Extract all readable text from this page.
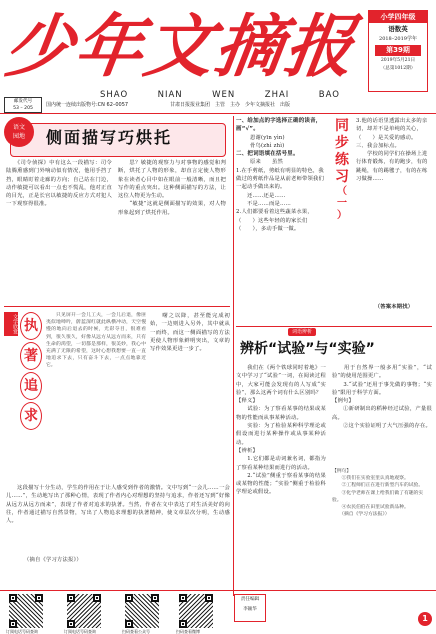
少年文摘报
SHAO	NIAN	WEN	ZHAI	BAO
小学四年级
语数英
2018–2019学年
第39期
2019年5月21日
（总第1012期）
邮发代号
53 – 205
国内统一连续出版物号:CN 62–0057	甘肃日报报业集团　主管　主办　少年文摘报社　出版
语文
园地	侧面描写巧烘托
　　《司令侦探》中有这么一段描写：司令陆腾熏感到门外响动似有情况，他用手挡了挡，眼睛盯着走廊的方向；自己站在门边，动作敏捷可以看出一点也不慌乱，他对正直的目光，正是长官以敏捷的反应方式对犯人一下观察得很准。
　　思？敏捷的观察力与对事物的感觉和判断，烘托了人物的形象，却直言定使人物形象在读者心目中如在眼前一般清晰，而且把写作的重点突出。这种侧面描写的方法，让这位人物更为生动。
　　“敏捷”这就是侧面描写的效果，对人物形象起到了烘托作用。
文学欣赏 执
著
追
求
　　只见屏开一会儿工夫，一会儿后退，像匪夷似地呻吟，蔚蓝深红就此纵横冲动，天空慢慢的地向后退去的时候，光彩夺目，很难看到，很久很久，好像从远方从远方而来，只有生命的渴望，一切都是那样，很美妙，我心中充满了无限的希望，这时心想我想要一直一直地追求下去，只有奋斗下去，一点点地靠近它。
　　曙之以降，甚至能完成初始，一边则进入另外，其中就从一而终，而这一侧面描写的方法更使人物形象鲜明突出，文章的写作效果更进一步了。
　　这段描写十分生动，学生的作用在于让人感受到作者的激情。文中写到“一会儿……一会儿……”，生动地写出了那种心情，表现了作者内心对理想的坚持与追求，作者还写到“好像从远方从远方而来”，表现了作者对追求的执著。当然，作者在文中表达了对生活美好的向往，作者通过描写自然景物，写出了人物追求理想的执著精神，使文章层次分明，生动感人。
（摘自《学习方法报》）
一、给加点的字选择正确的读音，画“√”。
恩谢(yīn yìn)
骨鸟(zhì zhì)
二、把词语填在括号里。
原来　　虽然
1.在手剪纸，剪纸有明显的特色，我做过的剪纸作品是从前老师带领我们一起动手做出来的。
　　还……还是……
　　不是……而是……
2.人们都要看着这些蔬菜水果，（　　）这些年轻的的家长们（　　），多动手做一做。
同
步
练
习
（
一
）
3.他的话语里透露出太多的亲切，却并不是单纯的关心，（　　）是关爱的感动。
三、我会加标点。
　　学校的同学们在操场上进行体育锻炼，有的跑步，有的跳绳，有的踢毽子，有的在练习做操……
（答案本期找）
词语辨析
辨析“试验”与“实验”
　　我们在《两个铁球同时着地》一文中学习了“试验”一词，在阅读过程中，大家可能会发现有的人写成“实验”，那么这两个词有什么区别吗？
【释义】
　　试验：为了察看某事的结果或某物的性能而从事某种活动。
　　实验：为了检验某种科学理论或假设而进行某种操作或从事某种活动。
【辨析】
　　1.它们都是动词兼名词，都指为了察看某种结果而进行的活动。
　　2.“试验”侧重于察看某事的结果或某物的性能；“实验”侧重于检验科学理论或假设。
　　用于自然界一般多用“实验”，“试验”的使用范围更广。
　　3.“试验”还用于事先做的事物；“实验”限用于科学方面。
【例句】
　　①新研制出的稻种经过试验，产量很高。
　　②这个实验证明了大气压强的存在。
【例句】
　　①我们在实验室里认真地观察。
　　②工程师们正在进行新型汽车的试验。
　　③化学老师在课上给我们做了有趣的实验。
　　④农民伯伯在田里试验新品种。
　　（摘自《学习方法报》）
订阅电话号码查询	订阅电话号码查询	扫码查看公众号	扫码查看微博
责任编辑
李颖华
1
